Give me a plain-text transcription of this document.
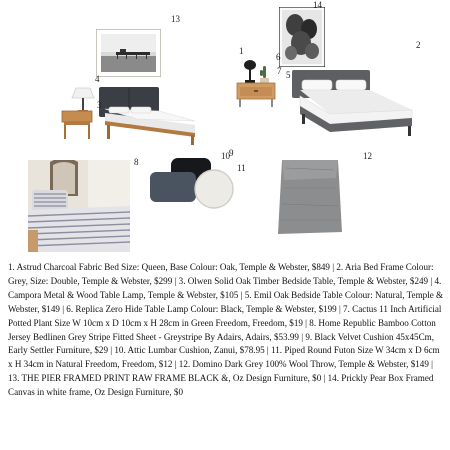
13
14
1
2
6
7 5
4
3
8
9
10
11
12
1. Astrud Charcoal Fabric Bed Size: Queen, Base Colour: Oak, Temple & Webster, $849 | 2. Aria Bed Frame Colour: Grey, Size: Double, Temple & Webster, $299 | 3. Olwen Solid Oak Timber Bedside Table, Temple & Webster, $249 | 4. Campora Metal & Wood Table Lamp, Temple & Webster, $105 | 5. Emil Oak Bedside Table Colour: Natural, Temple & Webster, $149 | 6. Replica Zero Hide Table Lamp Colour: Black, Temple & Webster, $199 | 7. Cactus 11 Inch Artificial Potted Plant Size W 10cm x D 10cm x H 28cm in Green Freedom, Freedom, $19 | 8. Home Republic Bamboo Cotton Jersey Bedlinen Grey Stripe Fitted Sheet - Greystripe By Adairs, Adairs, $53.99 | 9. Black Velvet Cushion 45x45Cm, Early Settler Furniture, $29 | 10. Attic Lumbar Cushion, Zanui, $78.95 | 11. Piped Round Futon Size W 34cm x D 6cm x H 34cm in Natural Freedom, Freedom, $12 | 12. Domino Dark Grey 100% Wool Throw, Temple & Webster, $149 | 13. THE PIER FRAMED PRINT RAW FRAME BLACK &, Oz Design Furniture, $0 | 14. Prickly Pear Box Framed Canvas in white frame, Oz Design Furniture, $0
